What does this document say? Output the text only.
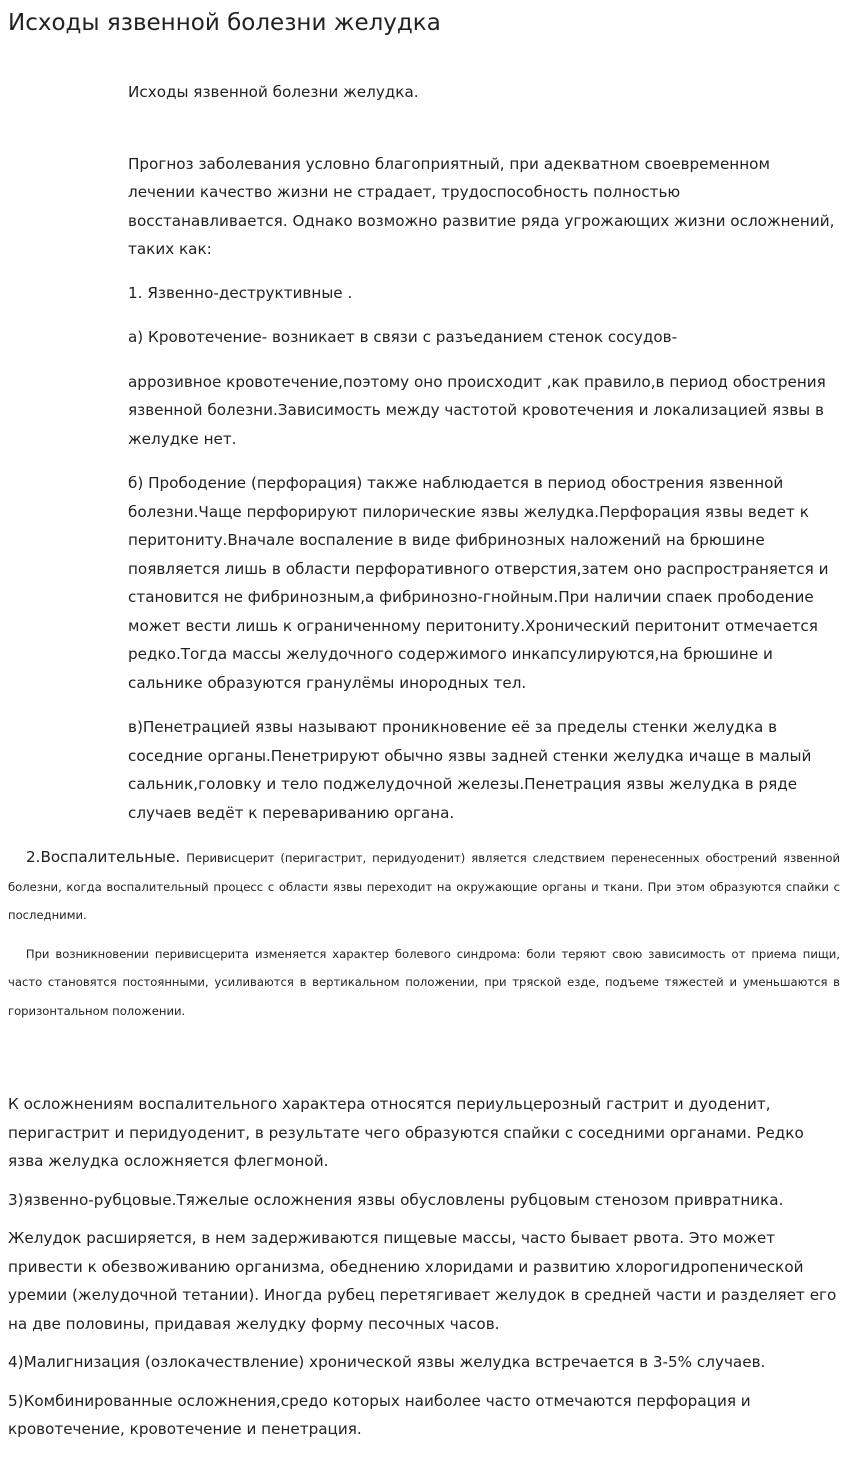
Исходы язвенной болезни желудка

Исходы язвенной болезни желудка.

Прогноз заболевания условно благоприятный, при адекватном своевременном лечении качество жизни не страдает, трудоспособность полностью восстанавливается. Однако возможно развитие ряда угрожающих жизни осложнений, таких как:

1. Язвенно-деструктивные .

а) Кровотечение- возникает в связи с разъеданием стенок сосудов-

аррозивное кровотечение,поэтому оно происходит ,как правило,в период обострения язвенной болезни.Зависимость между частотой кровотечения и локализацией язвы в желудке нет.

б) Прободение (перфорация) также наблюдается в период обострения язвенной болезни.Чаще перфорируют пилорические язвы желудка.Перфорация язвы ведет к перитониту.Вначале воспаление в виде фибринозных наложений на брюшине появляется лишь в области перфоративного отверстия,затем оно распространяется и становится не фибринозным,а фибринозно-гнойным.При наличии спаек прободение может вести лишь к ограниченному перитониту.Хронический перитонит отмечается редко.Тогда массы желудочного содержимого инкапсулируются,на брюшине и сальнике образуются гранулёмы инородных тел.

в)Пенетрацией язвы называют проникновение её за пределы стенки желудка в соседние органы.Пенетрируют обычно язвы задней стенки желудка ичаще в малый сальник,головку и тело поджелудочной железы.Пенетрация язвы желудка в ряде случаев ведёт к перевариванию органа.

2.Воспалительные. Перивисцерит (перигастрит, перидуоденит) является следствием перенесенных обострений язвенной болезни, когда воспалительный процесс с области язвы переходит на окружающие органы и ткани. При этом образуются спайки с последними.

При возникновении перивисцерита изменяется характер болевого синдрома: боли теряют свою зависимость от приема пищи, часто становятся постоянными, усиливаются в вертикальном положении, при тряской езде, подъеме тяжестей и уменьшаются в горизонтальном положении.

К осложнениям воспалительного характера относятся периульцерозный гастрит и дуоденит, перигастрит и перидуоденит, в результате чего образуются спайки с соседними органами. Редко язва желудка осложняется флегмоной.

3)язвенно-рубцовые.Тяжелые осложнения язвы обусловлены рубцовым стенозом привратника.

Желудок расширяется, в нем задерживаются пищевые массы, часто бывает рвота. Это может привести к обезвоживанию организма, обеднению хлоридами и развитию хлорогидропенической уремии (желудочной тетании). Иногда рубец перетягивает желудок в средней части и разделяет его на две половины, придавая желудку форму песочных часов.

4)Малигнизация (озлокачествление) хронической язвы желудка встречается в 3-5% случаев.

5)Комбинированные осложнения,средо которых наиболее часто отмечаются перфорация и кровотечение, кровотечение и пенетрация.
